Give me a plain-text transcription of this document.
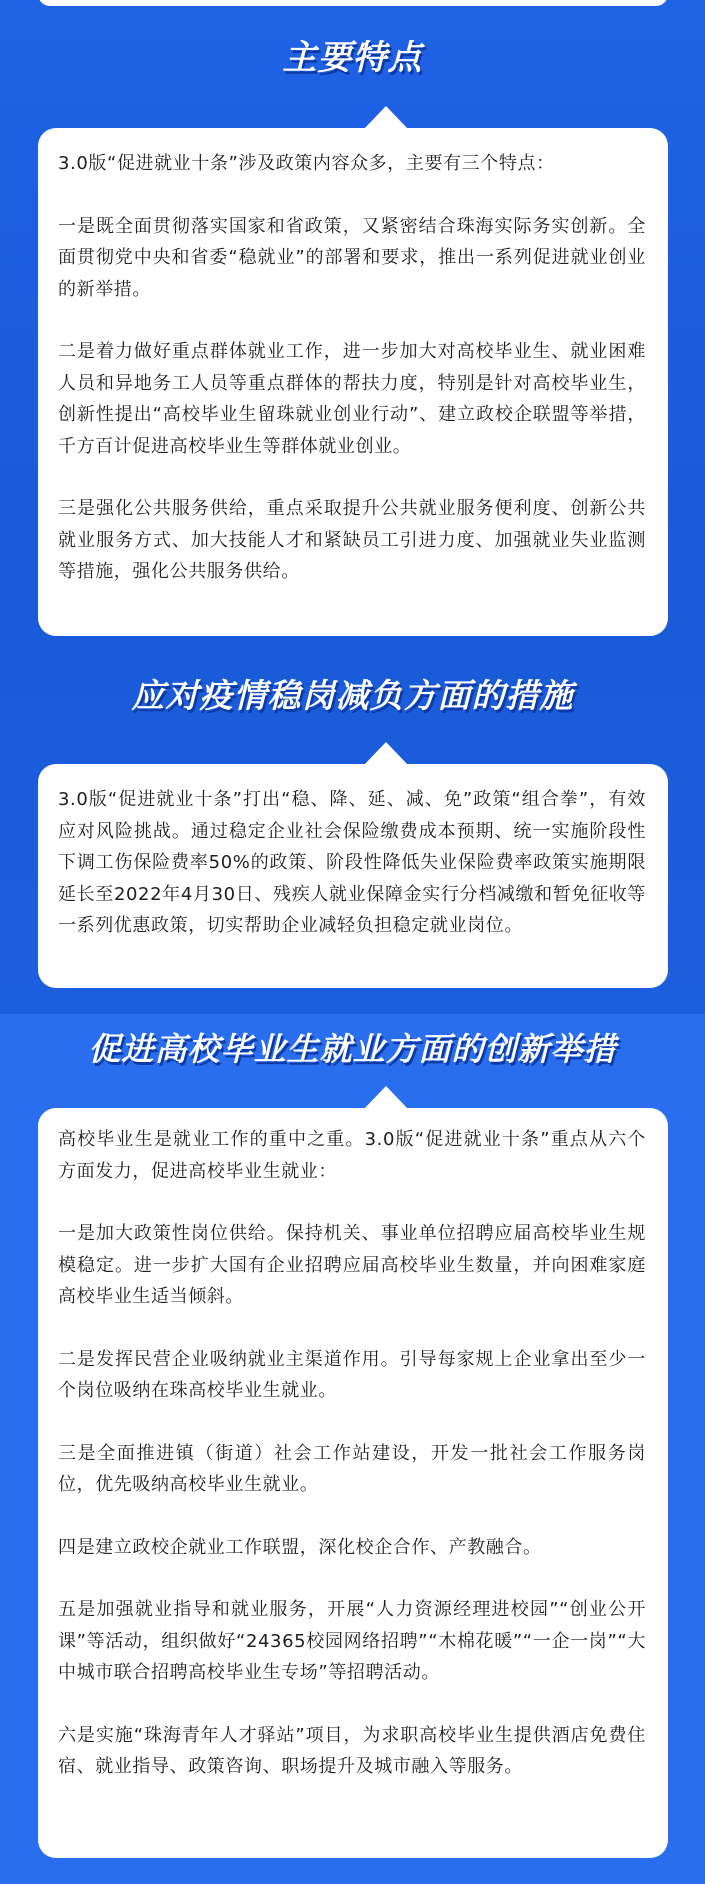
主要特点

3.0版“促进就业十条”涉及政策内容众多，主要有三个特点：

一是既全面贯彻落实国家和省政策，又紧密结合珠海实际务实创新。全面贯彻党中央和省委“稳就业”的部署和要求，推出一系列促进就业创业的新举措。

二是着力做好重点群体就业工作，进一步加大对高校毕业生、就业困难人员和异地务工人员等重点群体的帮扶力度，特别是针对高校毕业生，创新性提出“高校毕业生留珠就业创业行动”、建立政校企联盟等举措，千方百计促进高校毕业生等群体就业创业。

三是强化公共服务供给，重点采取提升公共就业服务便利度、创新公共就业服务方式、加大技能人才和紧缺员工引进力度、加强就业失业监测等措施，强化公共服务供给。

应对疫情稳岗减负方面的措施

3.0版“促进就业十条”打出“稳、降、延、减、免”政策“组合拳”，有效应对风险挑战。通过稳定企业社会保险缴费成本预期、统一实施阶段性下调工伤保险费率50%的政策、阶段性降低失业保险费率政策实施期限延长至2022年4月30日、残疾人就业保障金实行分档减缴和暂免征收等一系列优惠政策，切实帮助企业减轻负担稳定就业岗位。

促进高校毕业生就业方面的创新举措

高校毕业生是就业工作的重中之重。3.0版“促进就业十条”重点从六个方面发力，促进高校毕业生就业：

一是加大政策性岗位供给。保持机关、事业单位招聘应届高校毕业生规模稳定。进一步扩大国有企业招聘应届高校毕业生数量，并向困难家庭高校毕业生适当倾斜。

二是发挥民营企业吸纳就业主渠道作用。引导每家规上企业拿出至少一个岗位吸纳在珠高校毕业生就业。

三是全面推进镇（街道）社会工作站建设，开发一批社会工作服务岗位，优先吸纳高校毕业生就业。

四是建立政校企就业工作联盟，深化校企合作、产教融合。

五是加强就业指导和就业服务，开展“人力资源经理进校园”“创业公开课”等活动，组织做好“24365校园网络招聘”“木棉花暖”“一企一岗”“大中城市联合招聘高校毕业生专场”等招聘活动。

六是实施“珠海青年人才驿站”项目，为求职高校毕业生提供酒店免费住宿、就业指导、政策咨询、职场提升及城市融入等服务。
